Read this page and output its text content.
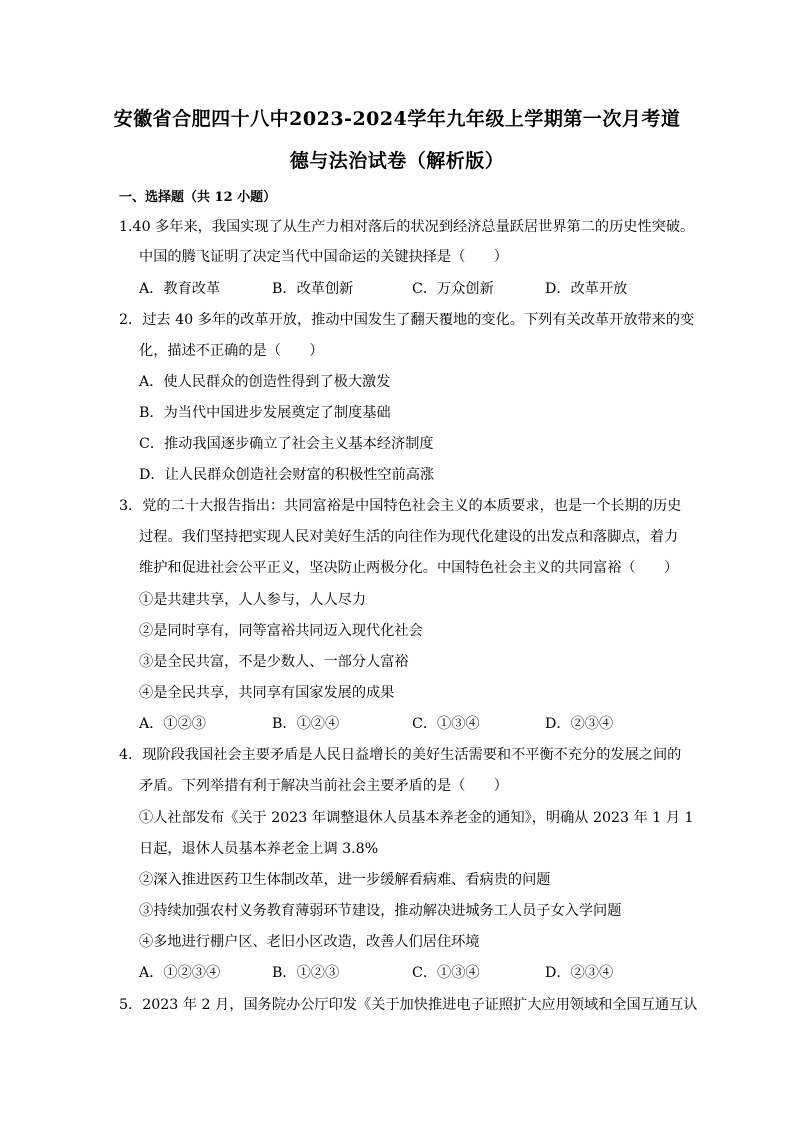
安徽省合肥四十八中2023-2024学年九年级上学期第一次月考道
德与法治试卷（解析版）
一、选择题（共 12 小题）
1.40 多年来，我国实现了从生产力相对落后的状况到经济总量跃居世界第二的历史性突破。
中国的腾飞证明了决定当代中国命运的关键抉择是（　　）
A．教育改革	B．改革创新	C．万众创新	D．改革开放
2．过去 40 多年的改革开放，推动中国发生了翻天覆地的变化。下列有关改革开放带来的变
化，描述不正确的是（　　）
A．使人民群众的创造性得到了极大激发
B．为当代中国进步发展奠定了制度基础
C．推动我国逐步确立了社会主义基本经济制度
D．让人民群众创造社会财富的积极性空前高涨
3．党的二十大报告指出：共同富裕是中国特色社会主义的本质要求，也是一个长期的历史
过程。我们坚持把实现人民对美好生活的向往作为现代化建设的出发点和落脚点，着力
维护和促进社会公平正义，坚决防止两极分化。中国特色社会主义的共同富裕（　　）
①是共建共享，人人参与，人人尽力
②是同时享有，同等富裕共同迈入现代化社会
③是全民共富，不是少数人、一部分人富裕
④是全民共享，共同享有国家发展的成果
A．①②③	B．①②④	C．①③④	D．②③④
4．现阶段我国社会主要矛盾是人民日益增长的美好生活需要和不平衡不充分的发展之间的
矛盾。下列举措有利于解决当前社会主要矛盾的是（　　）
①人社部发布《关于 2023 年调整退休人员基本养老金的通知》，明确从 2023 年 1 月 1
日起，退休人员基本养老金上调 3.8%
②深入推进医药卫生体制改革，进一步缓解看病难、看病贵的问题
③持续加强农村义务教育薄弱环节建设，推动解决进城务工人员子女入学问题
④多地进行棚户区、老旧小区改造，改善人们居住环境
A．①②③④	B．①②③	C．①③④	D．②③④
5．2023 年 2 月，国务院办公厅印发《关于加快推进电子证照扩大应用领域和全国互通互认
